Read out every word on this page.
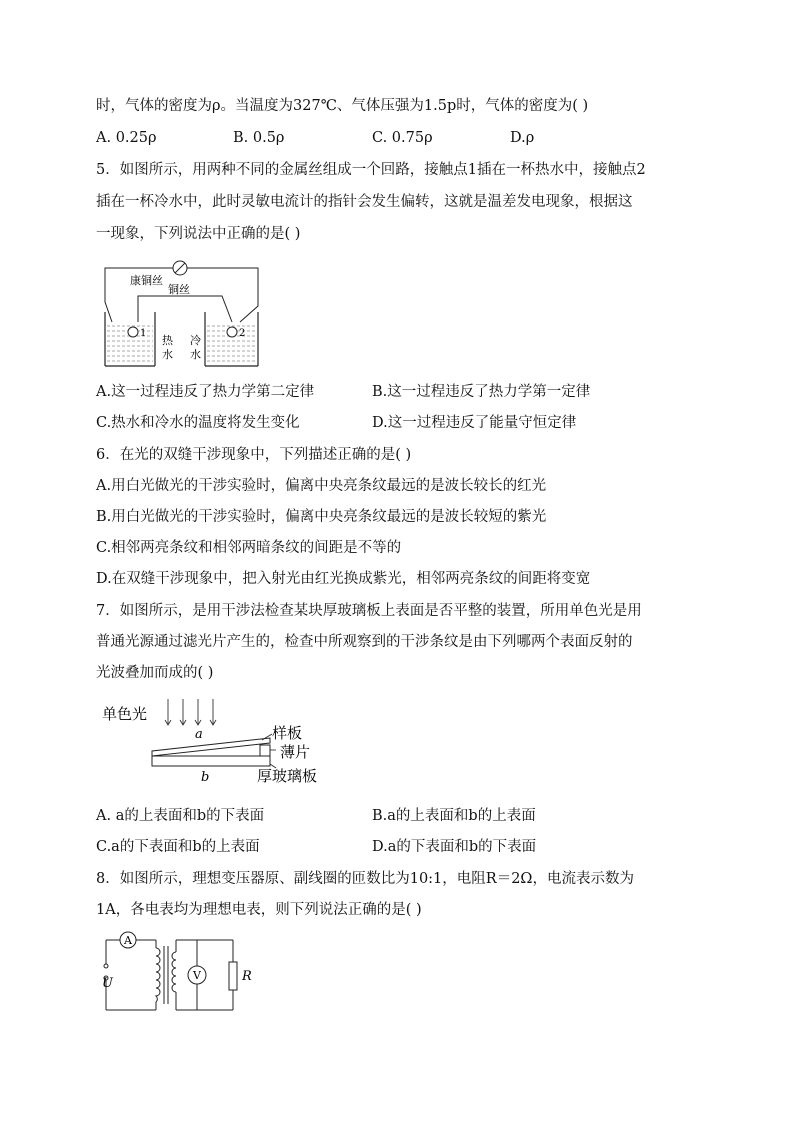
时，气体的密度为ρ。当温度为327℃、气体压强为1.5p时，气体的密度为( )
A. 0.25ρ	B. 0.5ρ	C. 0.75ρ	D.ρ
5．如图所示，用两种不同的金属丝组成一个回路，接触点1插在一杯热水中，接触点2
插在一杯冷水中，此时灵敏电流计的指针会发生偏转，这就是温差发电现象，根据这
一现象，下列说法中正确的是( )
康铜丝
铜丝
1
热
水
冷
水
2
A.这一过程违反了热力学第二定律	B.这一过程违反了热力学第一定律
C.热水和冷水的温度将发生变化	D.这一过程违反了能量守恒定律
6．在光的双缝干涉现象中，下列描述正确的是( )
A.用白光做光的干涉实验时，偏离中央亮条纹最远的是波长较长的红光
B.用白光做光的干涉实验时，偏离中央亮条纹最远的是波长较短的紫光
C.相邻两亮条纹和相邻两暗条纹的间距是不等的
D.在双缝干涉现象中，把入射光由红光换成紫光，相邻两亮条纹的间距将变宽
7．如图所示，是用干涉法检查某块厚玻璃板上表面是否平整的装置，所用单色光是用
普通光源通过滤光片产生的，检查中所观察到的干涉条纹是由下列哪两个表面反射的
光波叠加而成的( )
单色光
a	样板
薄片
b	厚玻璃板
A. a的上表面和b的下表面	B.a的上表面和b的上表面
C.a的下表面和b的上表面	D.a的下表面和b的下表面
8．如图所示，理想变压器原、副线圈的匝数比为10:1，电阻R＝2Ω，电流表示数为
1A，各电表均为理想电表，则下列说法正确的是( )
A
V	R
U
